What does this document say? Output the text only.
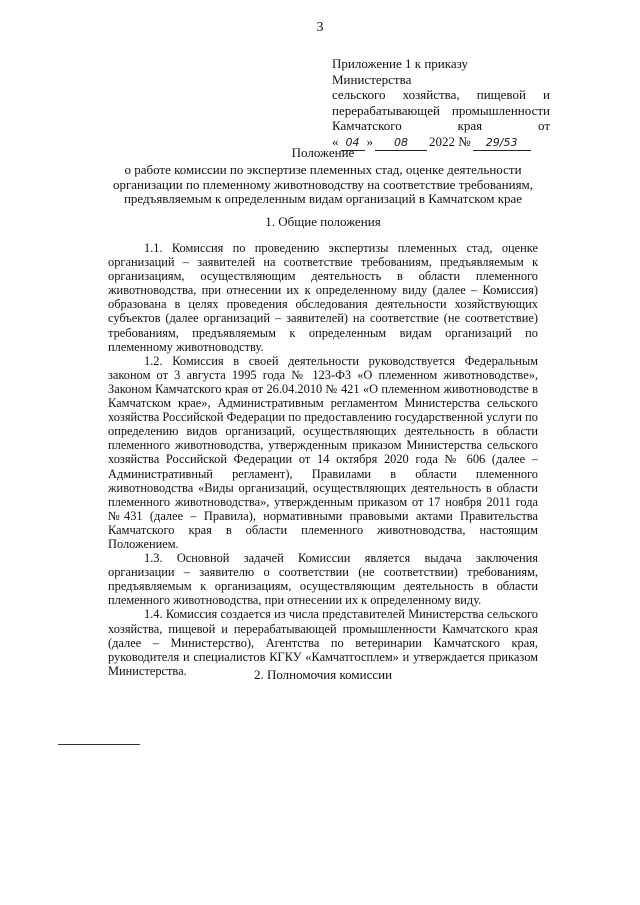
3
Приложение 1 к приказу Министерства
сельского хозяйства, пищевой и
перерабатывающей промышленности
Камчатского	края	от
« 04 »	08	2022 №	29/53
Положение
о работе комиссии по экспертизе племенных стад, оценке деятельности
организации по племенному животноводству на соответствие требованиям,
предъявляемым к определенным видам организаций в Камчатском крае
1. Общие положения

1.1. Комиссия по проведению экспертизы племенных стад, оценке организаций – заявителей на соответствие требованиям, предъявляемым к организациям, осуществляющим деятельность в области племенного животноводства, при отнесении их к определенному виду (далее – Комиссия) образована в целях проведения обследования деятельности хозяйствующих субъектов (далее организаций – заявителей) на соответствие (не соответствие) требованиям, предъявляемым к определенным видам организаций по племенному животноводству.

1.2. Комиссия в своей деятельности руководствуется Федеральным законом от 3 августа 1995 года № 123-ФЗ «О племенном животноводстве», Законом Камчатского края от 26.04.2010 № 421 «О племенном животноводстве в Камчатском крае», Административным регламентом Министерства сельского хозяйства Российской Федерации по предоставлению государственной услуги по определению видов организаций, осуществляющих деятельность в области племенного животноводства, утвержденным приказом Министерства сельского хозяйства Российской Федерации от 14 октября 2020 года № 606 (далее – Административный регламент), Правилами в области племенного животноводства «Виды организаций, осуществляющих деятельность в области племенного животноводства», утвержденным приказом от 17 ноября 2011 года №431 (далее – Правила), нормативными правовыми актами Правительства Камчатского края в области племенного животноводства, настоящим Положением.

1.3. Основной задачей Комиссии является выдача заключения организации – заявителю о соответствии (не соответствии) требованиям, предъявляемым к организациям, осуществляющим деятельность в области племенного животноводства, при отнесении их к определенному виду.

1.4. Комиссия создается из числа представителей Министерства сельского хозяйства, пищевой и перерабатывающей промышленности Камчатского края (далее – Министерство), Агентства по ветеринарии Камчатского края, руководителя и специалистов КГКУ «Камчатгосплем» и утверждается приказом Министерства.	2. Полномочия комиссии
